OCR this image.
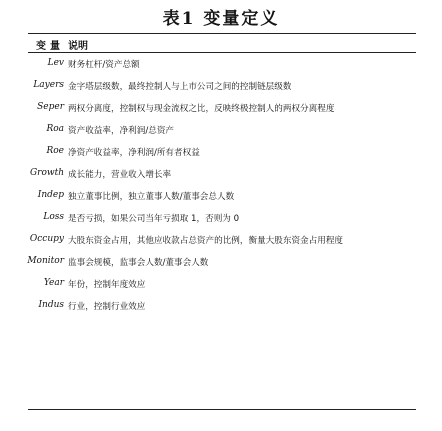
表1 变量定义
变量 说明
Lev 财务杠杆/资产总额
Layers 金字塔层级数，最终控制人与上市公司之间的控制链层级数
Seper 两权分离度，控制权与现金流权之比，反映终极控制人的两权分离程度
Roa 资产收益率，净利润/总资产
Roe 净资产收益率，净利润/所有者权益
Growth 成长能力，营业收入增长率
Indep 独立董事比例，独立董事人数/董事会总人数
Loss 是否亏损，如果公司当年亏损取 1，否则为 0
Occupy 大股东资金占用，其他应收款占总资产的比例，衡量大股东资金占用程度
Monitor 监事会规模，监事会人数/董事会人数
Year 年份，控制年度效应
Indus 行业，控制行业效应
